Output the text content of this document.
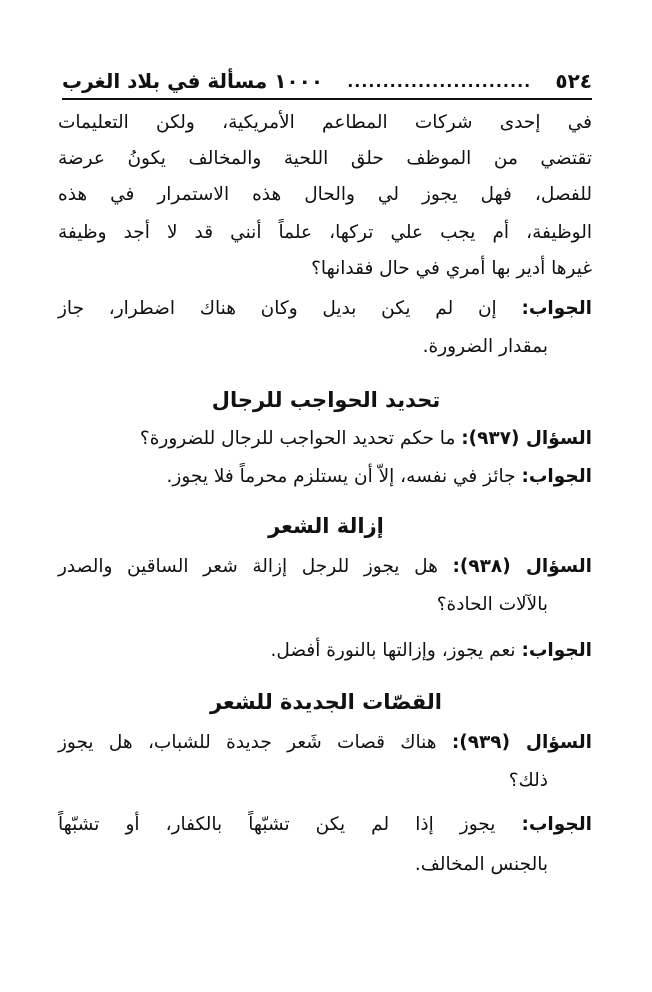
٥٢٤
..........................
١٠٠٠ مسألة في بلاد الغرب
في إحدى شركات المطاعم الأمريكية، ولكن التعليمات
تقتضي من الموظف حلق اللحية والمخالف يكونُ عرضة
للفصل، فهل يجوز لي والحال هذه الاستمرار في هذه
الوظيفة، أم يجب علي تركها، علماً أنني قد لا أجد وظيفة
غيرها أدير بها أمري في حال فقدانها؟
الجواب: إن لم يكن بديل وكان هناك اضطرار، جاز
بمقدار الضرورة.
تحديد الحواجب للرجال
السؤال (٩٣٧): ما حكم تحديد الحواجب للرجال للضرورة؟
الجواب: جائز في نفسه، إلاّ أن يستلزم محرماً فلا يجوز.
إزالة الشعر
السؤال (٩٣٨): هل يجوز للرجل إزالة شعر الساقين والصدر
بالآلات الحادة؟
الجواب: نعم يجوز، وإزالتها بالنورة أفضل.
القصّات الجديدة للشعر
السؤال (٩٣٩): هناك قصات شَعر جديدة للشباب، هل يجوز
ذلك؟
الجواب: يجوز إذا لم يكن تشبّهاً بالكفار، أو تشبّهاً
بالجنس المخالف.
